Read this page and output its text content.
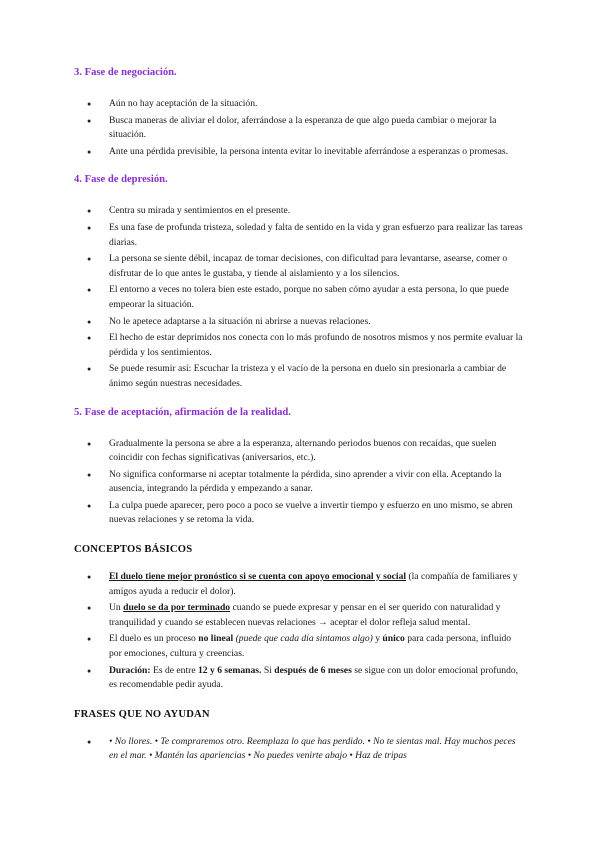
3. Fase de negociación.
● Aún no hay aceptación de la situación.
● Busca maneras de aliviar el dolor, aferrándose a la esperanza de que algo pueda cambiar o mejorar la situación.
● Ante una pérdida previsible, la persona intenta evitar lo inevitable aferrándose a esperanzas o promesas.
4. Fase de depresión.
● Centra su mirada y sentimientos en el presente.
● Es una fase de profunda tristeza, soledad y falta de sentido en la vida y gran esfuerzo para realizar las tareas diarias.
● La persona se siente débil, incapaz de tomar decisiones, con dificultad para levantarse, asearse, comer o disfrutar de lo que antes le gustaba, y tiende al aislamiento y a los silencios.
● El entorno a veces no tolera bien este estado, porque no saben cómo ayudar a esta persona, lo que puede empeorar la situación.
● No le apetece adaptarse a la situación ni abrirse a nuevas relaciones.
● El hecho de estar deprimidos nos conecta con lo más profundo de nosotros mismos y nos permite evaluar la pérdida y los sentimientos.
● Se puede resumir así: Escuchar la tristeza y el vacío de la persona en duelo sin presionarla a cambiar de ánimo según nuestras necesidades.
5. Fase de aceptación, afirmación de la realidad.
● Gradualmente la persona se abre a la esperanza, alternando periodos buenos con recaídas, que suelen coincidir con fechas significativas (aniversarios, etc.).
● No significa conformarse ni aceptar totalmente la pérdida, sino aprender a vivir con ella. Aceptando la ausencia, integrando la pérdida y empezando a sanar.
● La culpa puede aparecer, pero poco a poco se vuelve a invertir tiempo y esfuerzo en uno mismo, se abren nuevas relaciones y se retoma la vida.
CONCEPTOS BÁSICOS
● El duelo tiene mejor pronóstico si se cuenta con apoyo emocional y social (la compañía de familiares y amigos ayuda a reducir el dolor).
● Un duelo se da por terminado cuando se puede expresar y pensar en el ser querido con naturalidad y tranquilidad y cuando se establecen nuevas relaciones → aceptar el dolor refleja salud mental.
● El duelo es un proceso no lineal (puede que cada día sintamos algo) y único para cada persona, influido por emociones, cultura y creencias.
● Duración: Es de entre 12 y 6 semanas. Si después de 6 meses se sigue con un dolor emocional profundo, es recomendable pedir ayuda.
FRASES QUE NO AYUDAN
● • No llores. • Te compraremos otro. Reemplaza lo que has perdido. • No te sientas mal. Hay muchos peces en el mar. • Mantén las apariencias • No puedes venirte abajo • Haz de tripas
